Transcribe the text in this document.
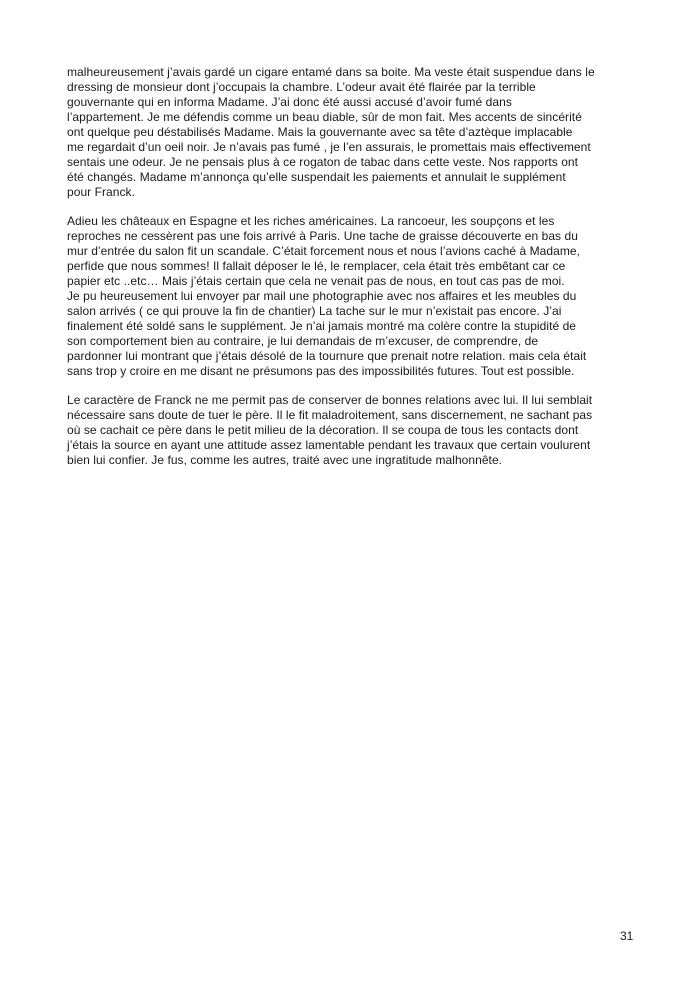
malheureusement j’avais gardé un cigare entamé dans sa boite. Ma veste était suspendue dans le
dressing de monsieur dont j’occupais la chambre. L’odeur avait été flairée par la terrible
gouvernante qui en informa Madame. J’ai donc été aussi accusé d’avoir fumé dans
l’appartement. Je me défendis comme un beau diable, sûr de mon fait. Mes accents de sincérité
ont quelque peu déstabilisés Madame. Mais la gouvernante avec sa tête d’aztèque implacable
me regardait d’un oeil noir. Je n’avais pas fumé , je l’en assurais, le promettais mais effectivement
sentais une odeur. Je ne pensais plus à ce rogaton de tabac dans cette veste. Nos rapports ont
été changés. Madame m’annonça qu’elle suspendait les paiements et annulait le supplément
pour Franck.

Adieu les châteaux en Espagne et les riches américaines. La rancoeur, les soupçons et les
reproches ne cessèrent pas une fois arrivé à Paris. Une tache de graisse découverte en bas du
mur d’entrée du salon fit un scandale. C’était forcement nous et nous l’avions caché à Madame,
perfide que nous sommes! Il fallait déposer le lé, le remplacer, cela était très embêtant car ce
papier etc ..etc… Mais j’étais certain que cela ne venait pas de nous, en tout cas pas de moi.
Je pu heureusement lui envoyer par mail une photographie avec nos affaires et les meubles du
salon arrivés ( ce qui prouve la fin de chantier) La tache sur le mur n’existait pas encore. J’ai
finalement été soldé sans le supplément. Je n’ai jamais montré ma colère contre la stupidité de
son comportement bien au contraire, je lui demandais de m’excuser, de comprendre, de
pardonner lui montrant que j’étais désolé de la tournure que prenait notre relation. mais cela était
sans trop y croire en me disant ne présumons pas des impossibilités futures. Tout est possible.

Le caractère de Franck ne me permit pas de conserver de bonnes relations avec lui. Il lui semblait
nécessaire sans doute de tuer le père. Il le fit maladroitement, sans discernement, ne sachant pas
où se cachait ce père dans le petit milieu de la décoration. Il se coupa de tous les contacts dont
j’étais la source en ayant une attitude assez lamentable pendant les travaux que certain voulurent
bien lui confier. Je fus, comme les autres, traité avec une ingratitude malhonnête.

31
